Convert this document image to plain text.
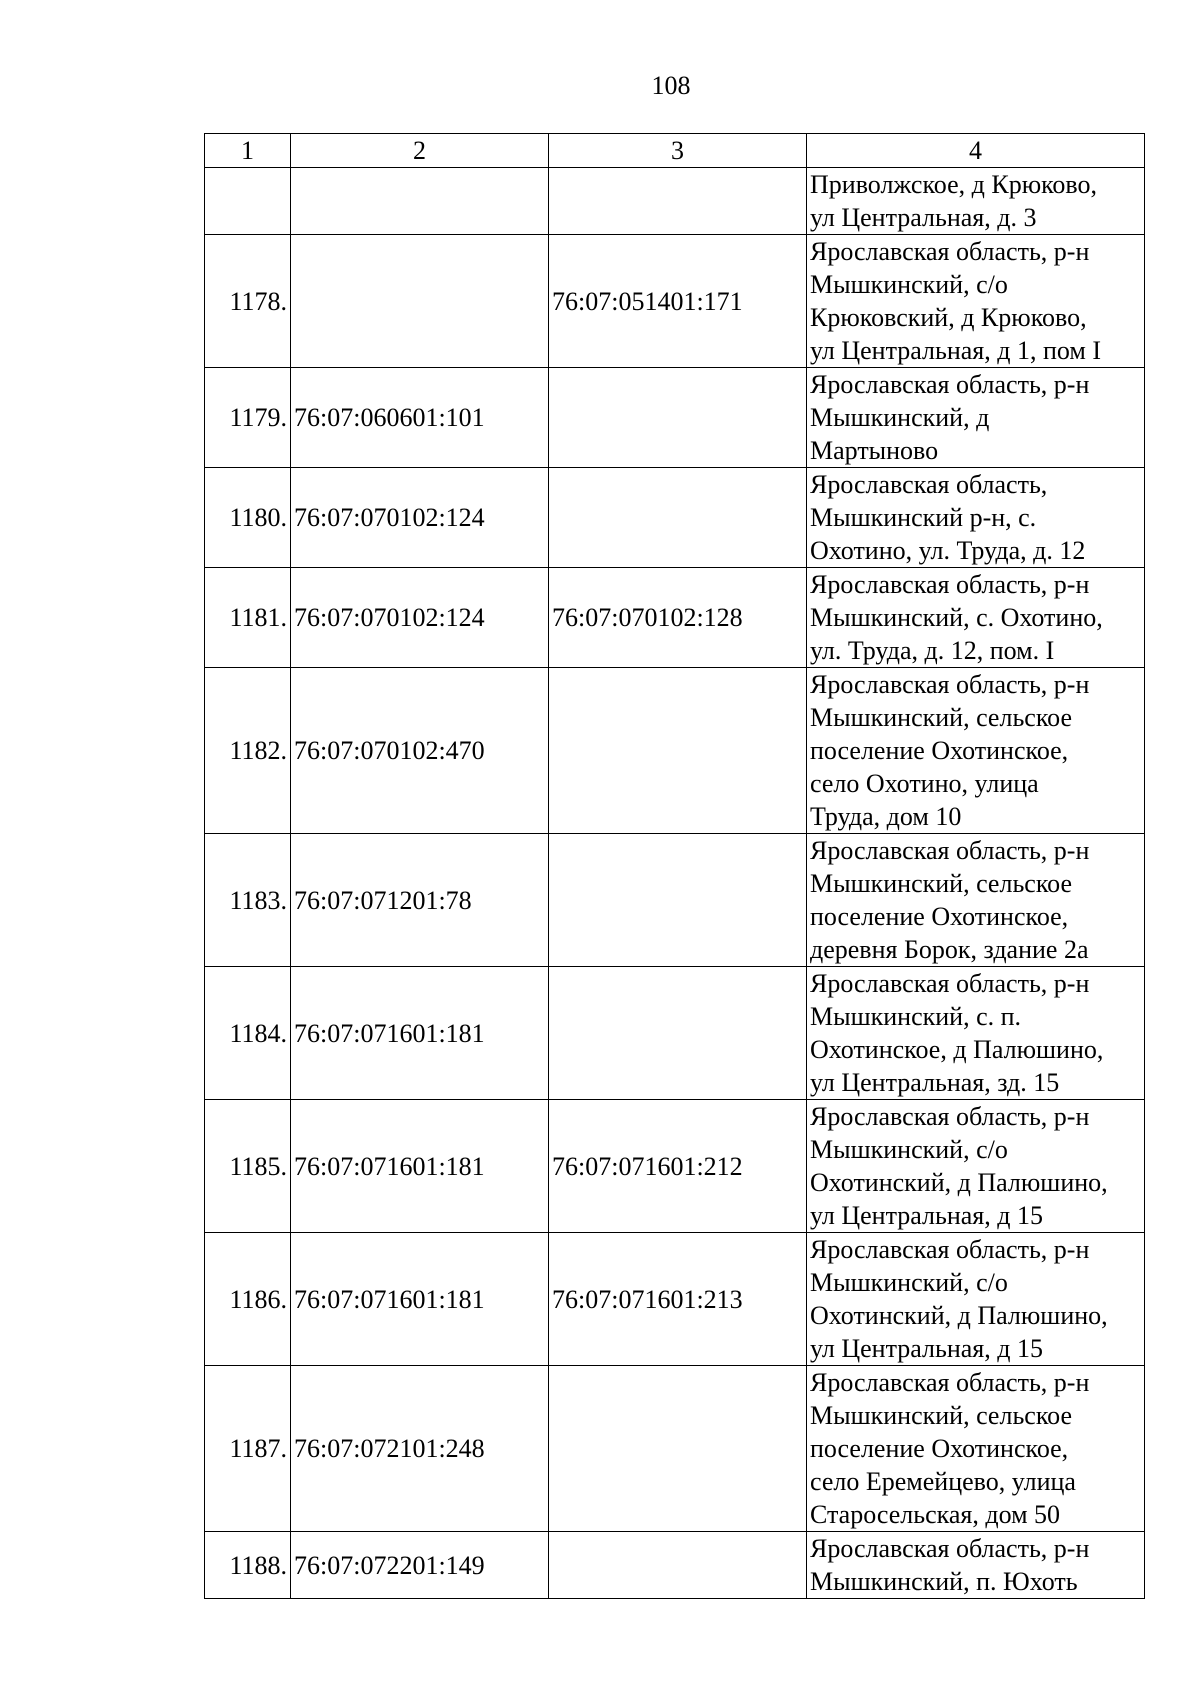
108
1	2	3	4
			Приволжское, д Крюково,
ул Центральная, д. 3
1178.		76:07:051401:171	Ярославская область, р-н
Мышкинский, с/о
Крюковский, д Крюково,
ул Центральная, д 1, пом I
1179.	76:07:060601:101		Ярославская область, р-н
Мышкинский, д
Мартыново
1180.	76:07:070102:124		Ярославская область,
Мышкинский р-н, с.
Охотино, ул. Труда, д. 12
1181.	76:07:070102:124	76:07:070102:128	Ярославская область, р-н
Мышкинский, с. Охотино,
ул. Труда, д. 12, пом. I
1182.	76:07:070102:470		Ярославская область, р-н
Мышкинский, сельское
поселение Охотинское,
село Охотино, улица
Труда, дом 10
1183.	76:07:071201:78		Ярославская область, р-н
Мышкинский, сельское
поселение Охотинское,
деревня Борок, здание 2а
1184.	76:07:071601:181		Ярославская область, р-н
Мышкинский, с. п.
Охотинское, д Палюшино,
ул Центральная, зд. 15
1185.	76:07:071601:181	76:07:071601:212	Ярославская область, р-н
Мышкинский, с/о
Охотинский, д Палюшино,
ул Центральная, д 15
1186.	76:07:071601:181	76:07:071601:213	Ярославская область, р-н
Мышкинский, с/о
Охотинский, д Палюшино,
ул Центральная, д 15
1187.	76:07:072101:248		Ярославская область, р-н
Мышкинский, сельское
поселение Охотинское,
село Еремейцево, улица
Старосельская, дом 50
1188.	76:07:072201:149		Ярославская область, р-н
Мышкинский, п. Юхоть
